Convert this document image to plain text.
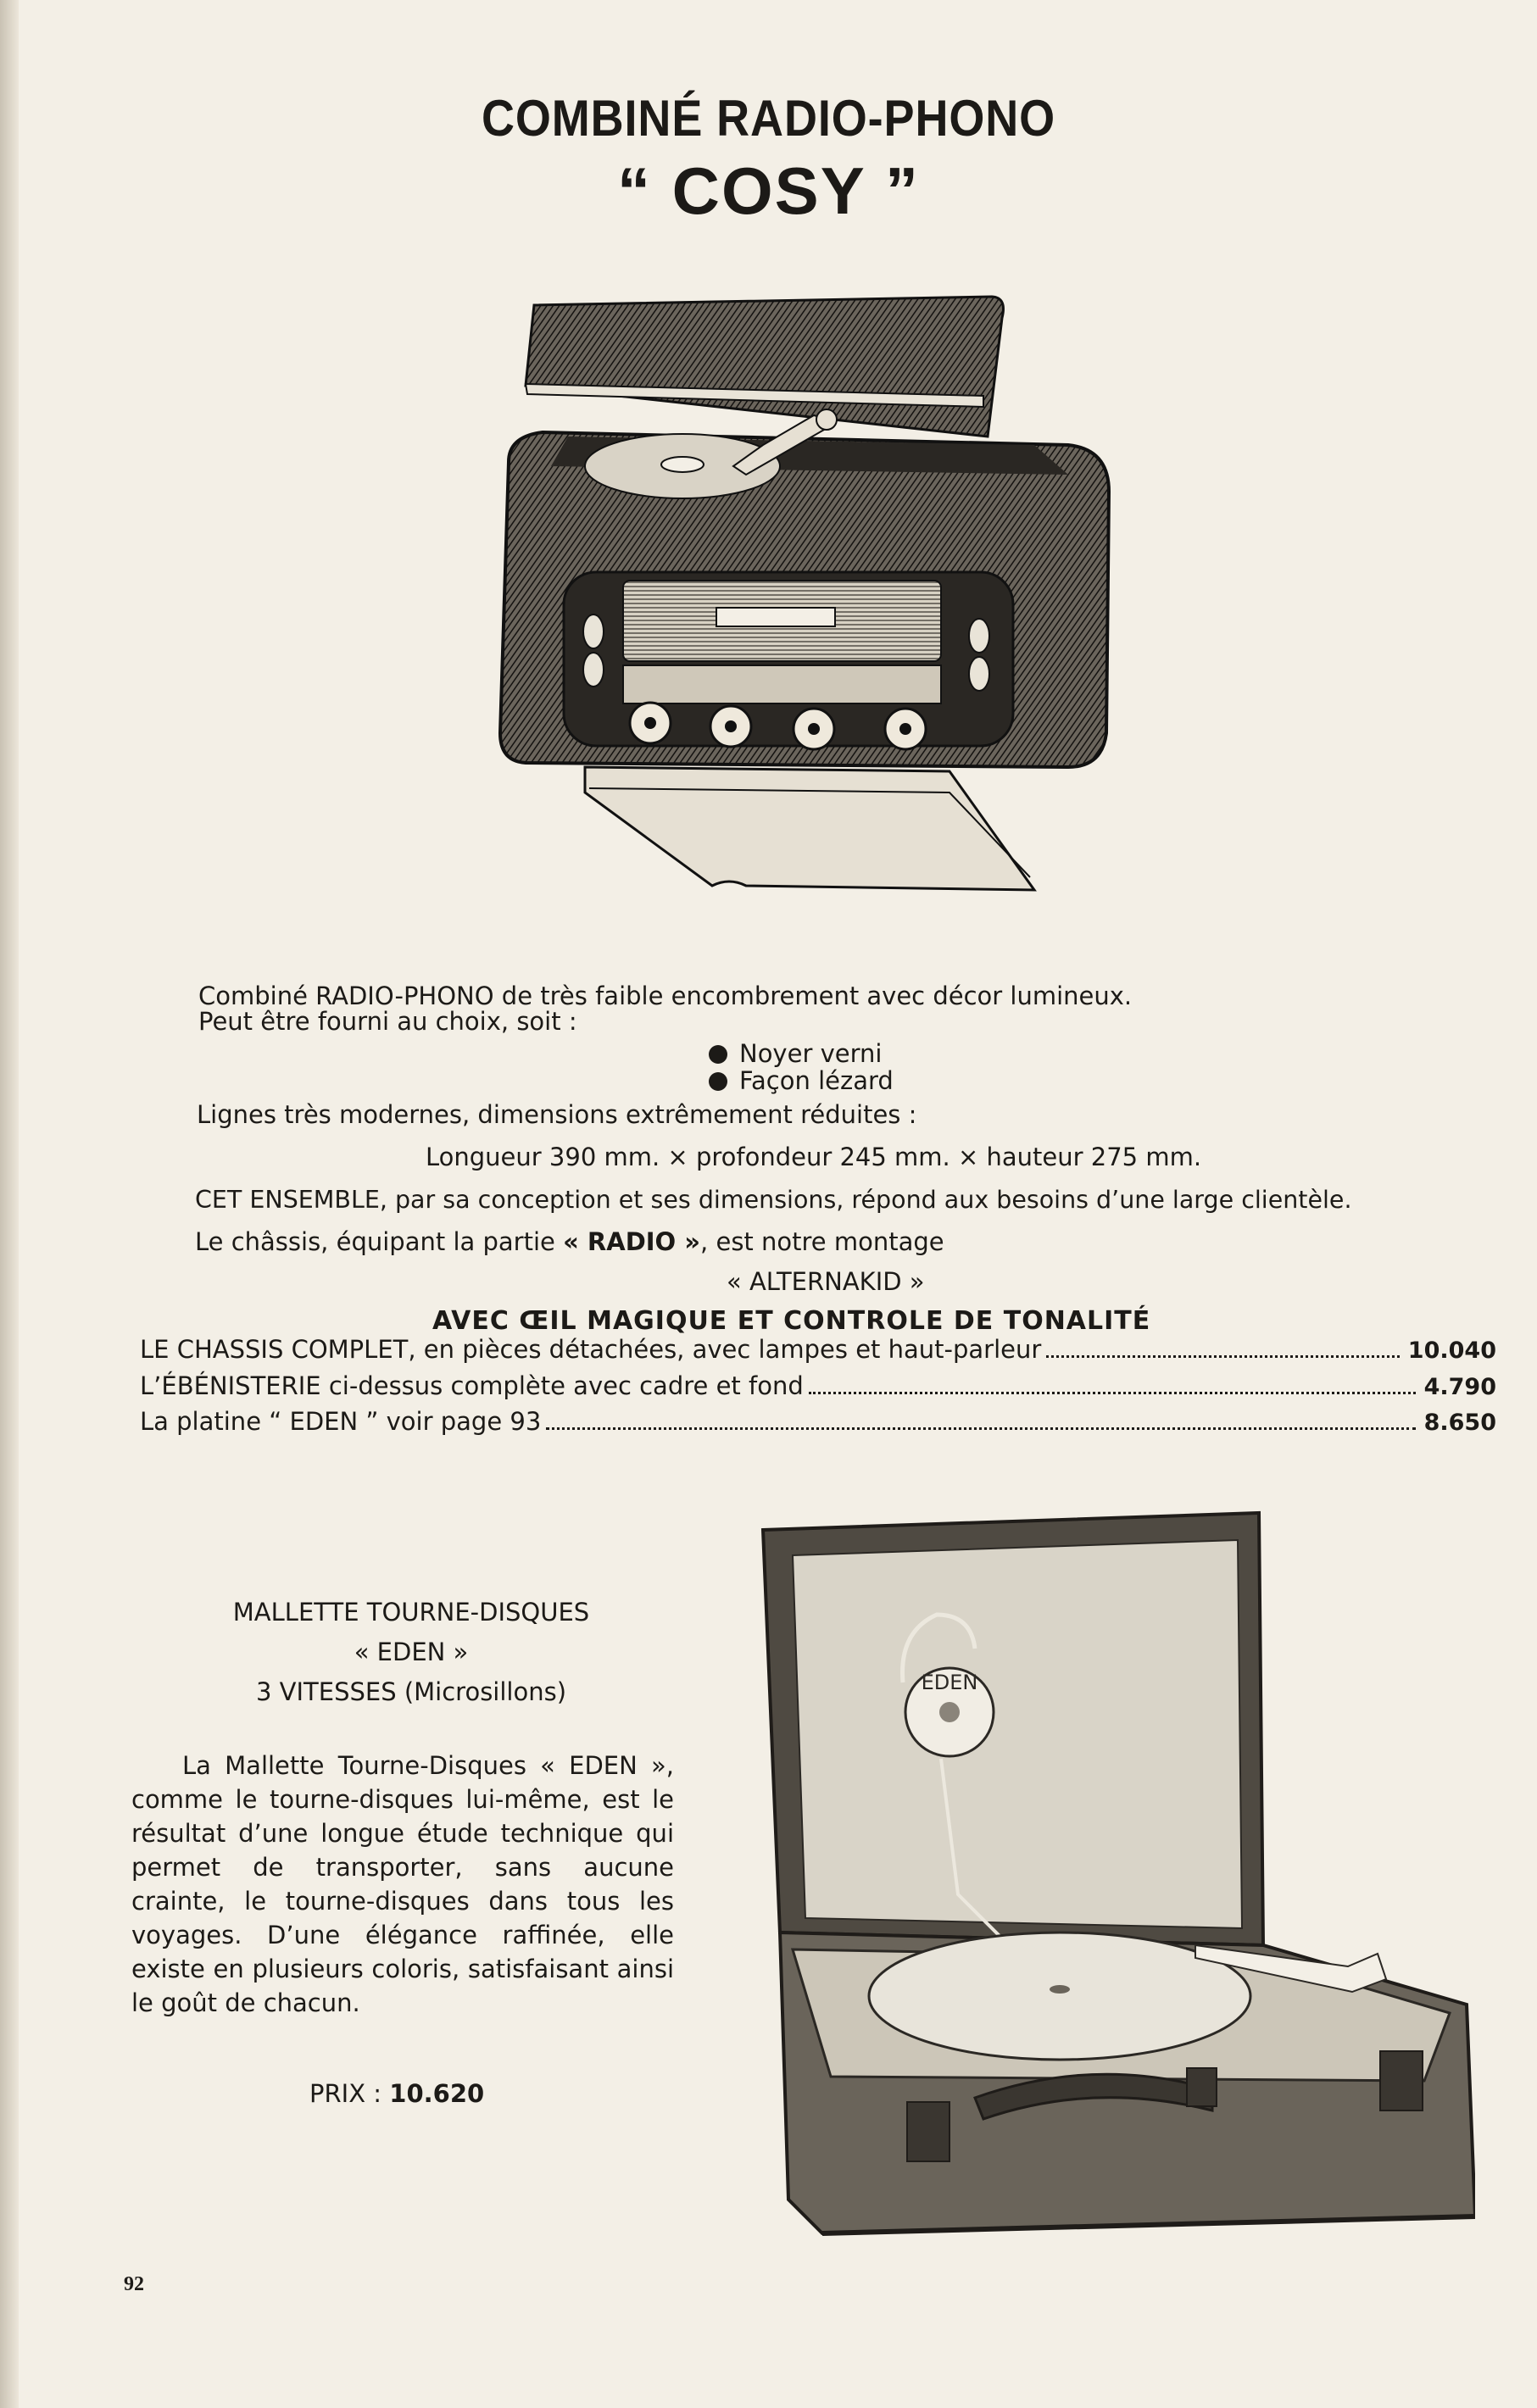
COMBINÉ RADIO-PHONO
“ COSY ”
Combiné RADIO-PHONO de très faible encombrement avec décor lumineux.
Peut être fourni au choix, soit :
Noyer verni
Façon lézard
Lignes très modernes, dimensions extrêmement réduites :
Longueur 390 mm. × profondeur 245 mm. × hauteur 275 mm.
CET ENSEMBLE, par sa conception et ses dimensions, répond aux besoins d’une large clientèle.
Le châssis, équipant la partie « RADIO », est notre montage
« ALTERNAKID »
AVEC ŒIL MAGIQUE ET CONTROLE DE TONALITÉ
LE CHASSIS COMPLET, en pièces détachées, avec lampes et haut-parleur	10.040
L’ÉBÉNISTERIE ci-dessus complète avec cadre et fond	4.790
La platine “ EDEN ” voir page 93	8.650
MALLETTE TOURNE-DISQUES
« EDEN »
3 VITESSES (Microsillons)
La Mallette Tourne-Disques « EDEN », comme le tourne-disques lui-même, est le résultat d’une longue étude technique qui permet de transporter, sans aucune crainte, le tourne-disques dans tous les voyages. D’une élégance raffinée, elle existe en plusieurs coloris, satisfaisant ainsi le goût de chacun.
PRIX : 10.620
EDEN
92
